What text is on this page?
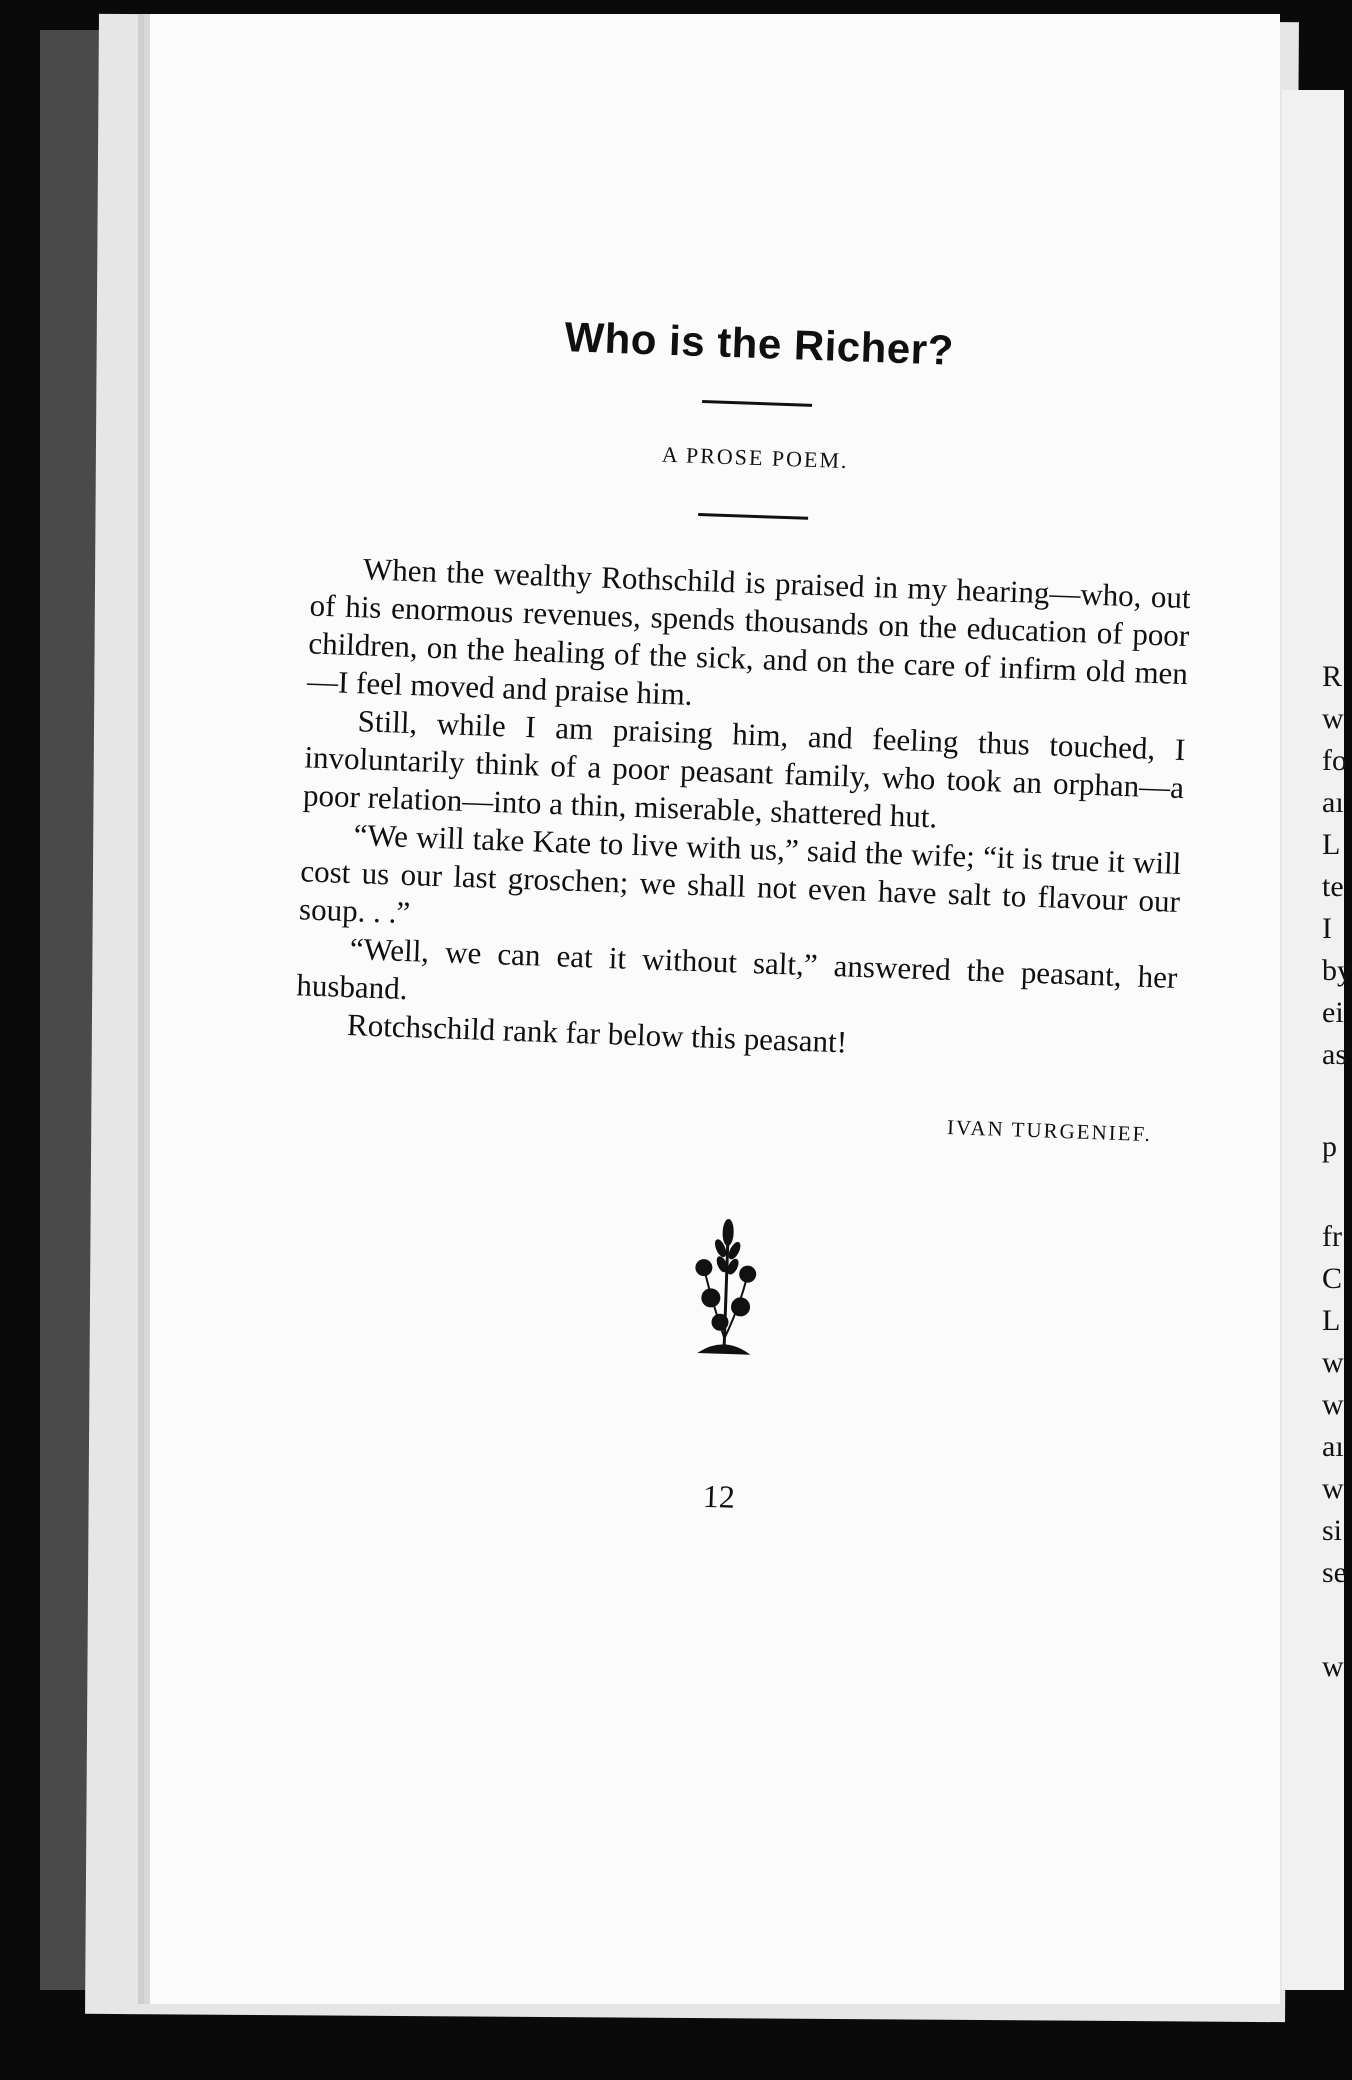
R
w
fo
aı
L
te
I
by
ei
as
p
fr
C
L
w
w
aı
w
si
se
w
Who is the Richer?
A PROSE POEM.

When the wealthy Rothschild is praised in my hearing—who, out of his enormous revenues, spends thousands on the education of poor children, on the healing of the sick, and on the care of infirm old men—I feel moved and praise him.

Still, while I am praising him, and feeling thus touched, I involuntarily think of a poor peasant family, who took an orphan—a poor relation—into a thin, miserable, shattered hut.

“We will take Kate to live with us,” said the wife; “it is true it will cost us our last groschen; we shall not even have salt to flavour our soup. . .”

“Well, we can eat it without salt,” answered the peasant, her husband.

Rotchschild rank far below this peasant!

IVAN TURGENIEF.
12
